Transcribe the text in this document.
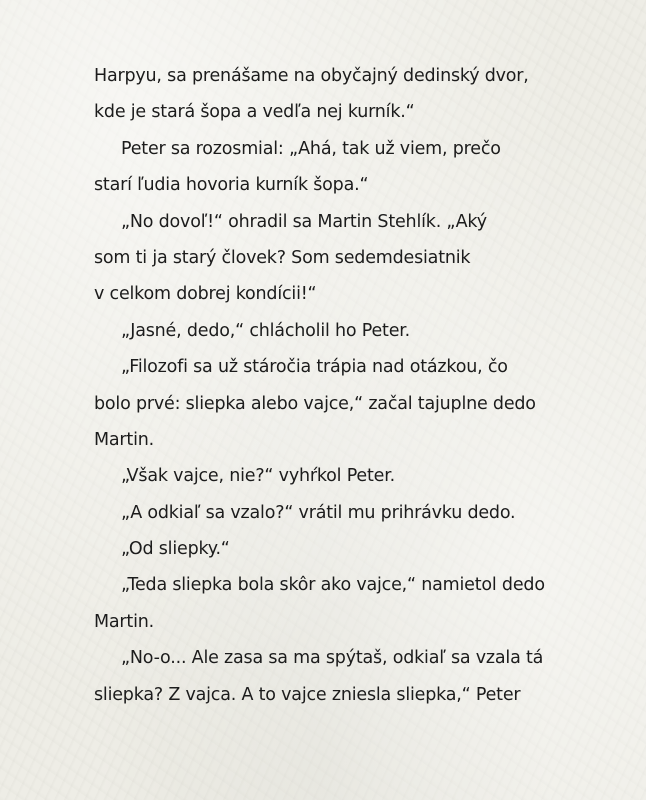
Harpyu, sa prenášame na obyčajný dedinský dvor,
kde je stará šopa a vedľa nej kurník.“
Peter sa rozosmial: „Ahá, tak už viem, prečo
starí ľudia hovoria kurník šopa.“
„No dovoľ!“ ohradil sa Martin Stehlík. „Aký
som ti ja starý človek? Som sedemdesiatnik
v celkom dobrej kondícii!“
„Jasné, dedo,“ chlácholil ho Peter.
„Filozofi sa už stáročia trápia nad otázkou, čo
bolo prvé: sliepka alebo vajce,“ začal tajuplne dedo
Martin.
„Však vajce, nie?“ vyhŕkol Peter.
„A odkiaľ sa vzalo?“ vrátil mu prihrávku dedo.
„Od sliepky.“
„Teda sliepka bola skôr ako vajce,“ namietol dedo
Martin.
„No-o... Ale zasa sa ma spýtaš, odkiaľ sa vzala tá
sliepka? Z vajca. A to vajce zniesla sliepka,“ Peter
